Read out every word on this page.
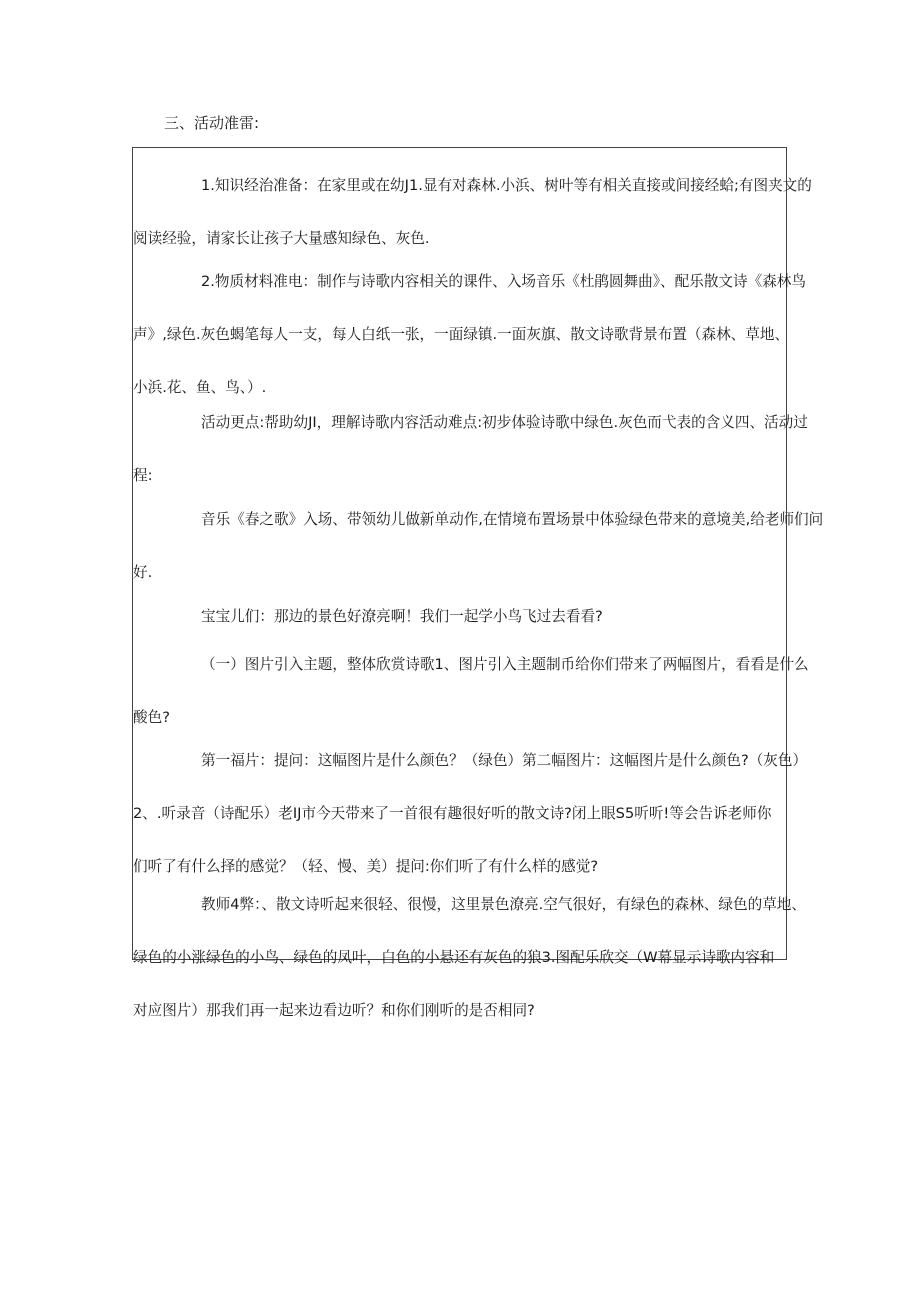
三、活动准雷:

1.知识经治准备：在家里或在幼J1.显有对森林.小浜、树叶等有相关直接或间接经蛤;有图夹文的
阅读经验，请家长让孩子大量感知绿色、灰色.

2.物质材料准电：制作与诗歌内容相关的课件、入场音乐《杜鹃圆舞曲》、配乐散文诗《森林鸟
声》,绿色.灰色蝎笔每人一支，每人白纸一张，一面绿镇.一面灰旗、散文诗歌背景布置（森林、草地、
小浜.花、鱼、鸟、）.

活动更点:帮助幼JI，理解诗歌内容活动难点:初步体验诗歌中绿色.灰色而弋表的含义四、活动过
程:

音乐《春之歌》入场、带领幼儿做新单动作,在情境布置场景中体验绿色带来的意境美,给老师们问
好.

宝宝儿们：那边的景色好潦亮啊！我们一起学小鸟飞过去看看?

（一）图片引入主题，整体欣赏诗歌1、图片引入主题制币给你们带来了两幅图片，看看是什么
酸色?

第一福片：提问：这幅图片是什么颜色？（绿色）第二幅图片：这幅图片是什么颜色?（灰色）
2、.听录音（诗配乐）老IJ市今天带来了一首很有趣很好听的散文诗?闭上眼S5听听!等会告诉老师你
们听了有什么择的感觉？（轻、慢、美）提问:你们听了有什么样的感觉?

教师4弊：、散文诗听起来很轻、很慢，这里景色潦亮.空气很好，有绿色的森林、绿色的草地、
绿色的小涨绿色的小鸟、绿色的凤叶，白色的小悬还有灰色的狼3.图配乐欣交（W幕显示诗歌内容和
对应图片）那我们再一起来边看边听？和你们刚听的是否相同?
